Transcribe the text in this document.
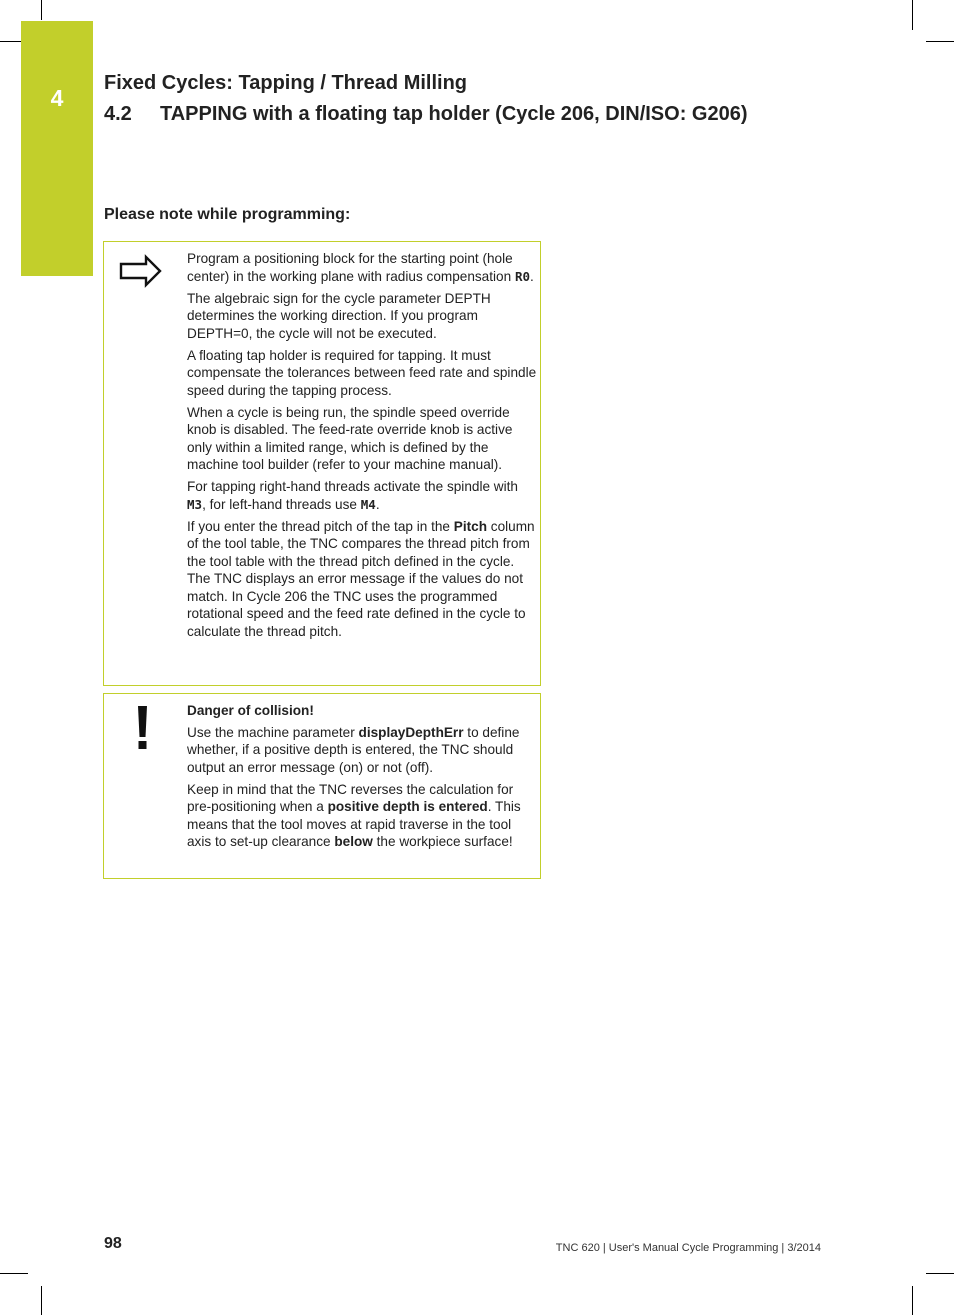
4
Fixed Cycles: Tapping / Thread Milling
4.2 TAPPING with a floating tap holder (Cycle 206, DIN/ISO: G206)
Please note while programming:

Program a positioning block for the starting point (hole center) in the working plane with radius compensation R0.

The algebraic sign for the cycle parameter DEPTH determines the working direction. If you program DEPTH=0, the cycle will not be executed.

A floating tap holder is required for tapping. It must compensate the tolerances between feed rate and spindle speed during the tapping process.

When a cycle is being run, the spindle speed override knob is disabled. The feed-rate override knob is active only within a limited range, which is defined by the machine tool builder (refer to your machine manual).

For tapping right-hand threads activate the spindle with M3, for left-hand threads use M4.

If you enter the thread pitch of the tap in the Pitch column of the tool table, the TNC compares the thread pitch from the tool table with the thread pitch defined in the cycle. The TNC displays an error message if the values do not match. In Cycle 206 the TNC uses the programmed rotational speed and the feed rate defined in the cycle to calculate the thread pitch.

Danger of collision!

Use the machine parameter displayDepthErr to define whether, if a positive depth is entered, the TNC should output an error message (on) or not (off).

Keep in mind that the TNC reverses the calculation for pre-positioning when a positive depth is entered. This means that the tool moves at rapid traverse in the tool axis to set-up clearance below the workpiece surface!

98	TNC 620 | User's Manual Cycle Programming | 3/2014
